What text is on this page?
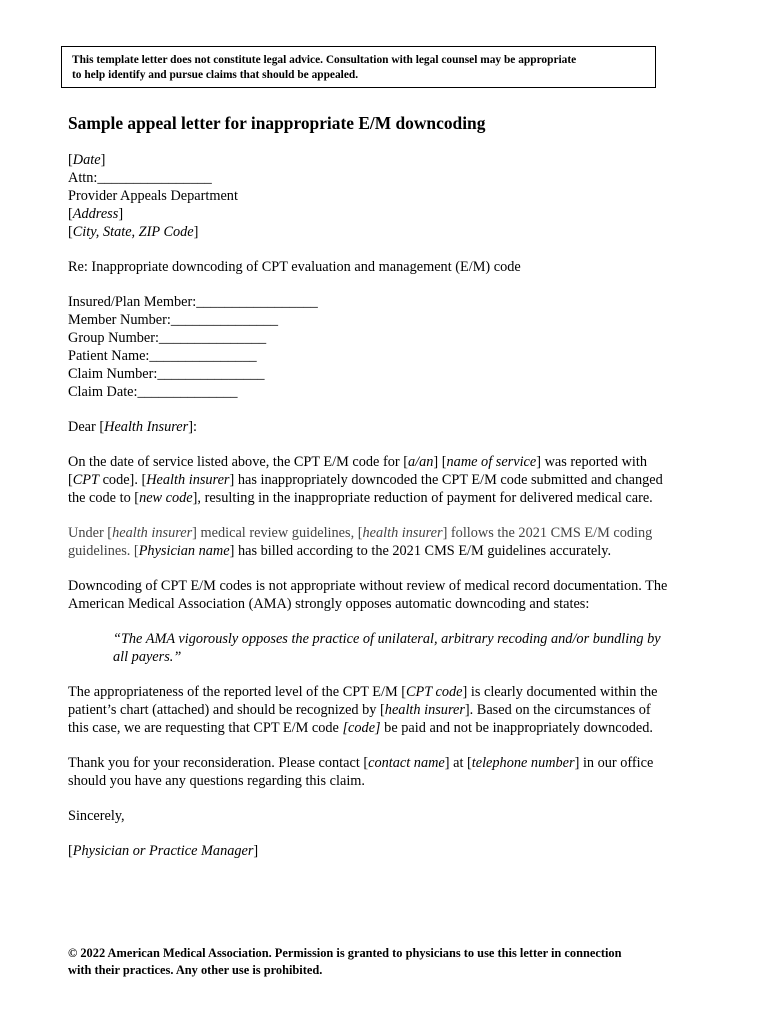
This template letter does not constitute legal advice. Consultation with legal counsel may be appropriate
to help identify and pursue claims that should be appealed.
Sample appeal letter for inappropriate E/M downcoding
[Date]
Attn:________________
Provider Appeals Department
[Address]
[City, State, ZIP Code]
Re: Inappropriate downcoding of CPT evaluation and management (E/M) code
Insured/Plan Member:_________________
Member Number:_______________
Group Number:_______________
Patient Name:_______________
Claim Number:_______________
Claim Date:______________
Dear [Health Insurer]:
On the date of service listed above, the CPT E/M code for [a/an] [name of service] was reported with
[CPT code]. [Health insurer] has inappropriately downcoded the CPT E/M code submitted and changed
the code to [new code], resulting in the inappropriate reduction of payment for delivered medical care.
Under [health insurer] medical review guidelines, [health insurer] follows the 2021 CMS E/M coding
guidelines. [Physician name] has billed according to the 2021 CMS E/M guidelines accurately.
Downcoding of CPT E/M codes is not appropriate without review of medical record documentation. The
American Medical Association (AMA) strongly opposes automatic downcoding and states:
“The AMA vigorously opposes the practice of unilateral, arbitrary recoding and/or bundling by
all payers.”
The appropriateness of the reported level of the CPT E/M [CPT code] is clearly documented within the
patient’s chart (attached) and should be recognized by [health insurer]. Based on the circumstances of
this case, we are requesting that CPT E/M code [code] be paid and not be inappropriately downcoded.
Thank you for your reconsideration. Please contact [contact name] at [telephone number] in our office
should you have any questions regarding this claim.
Sincerely,
[Physician or Practice Manager]
© 2022 American Medical Association. Permission is granted to physicians to use this letter in connection
with their practices. Any other use is prohibited.
